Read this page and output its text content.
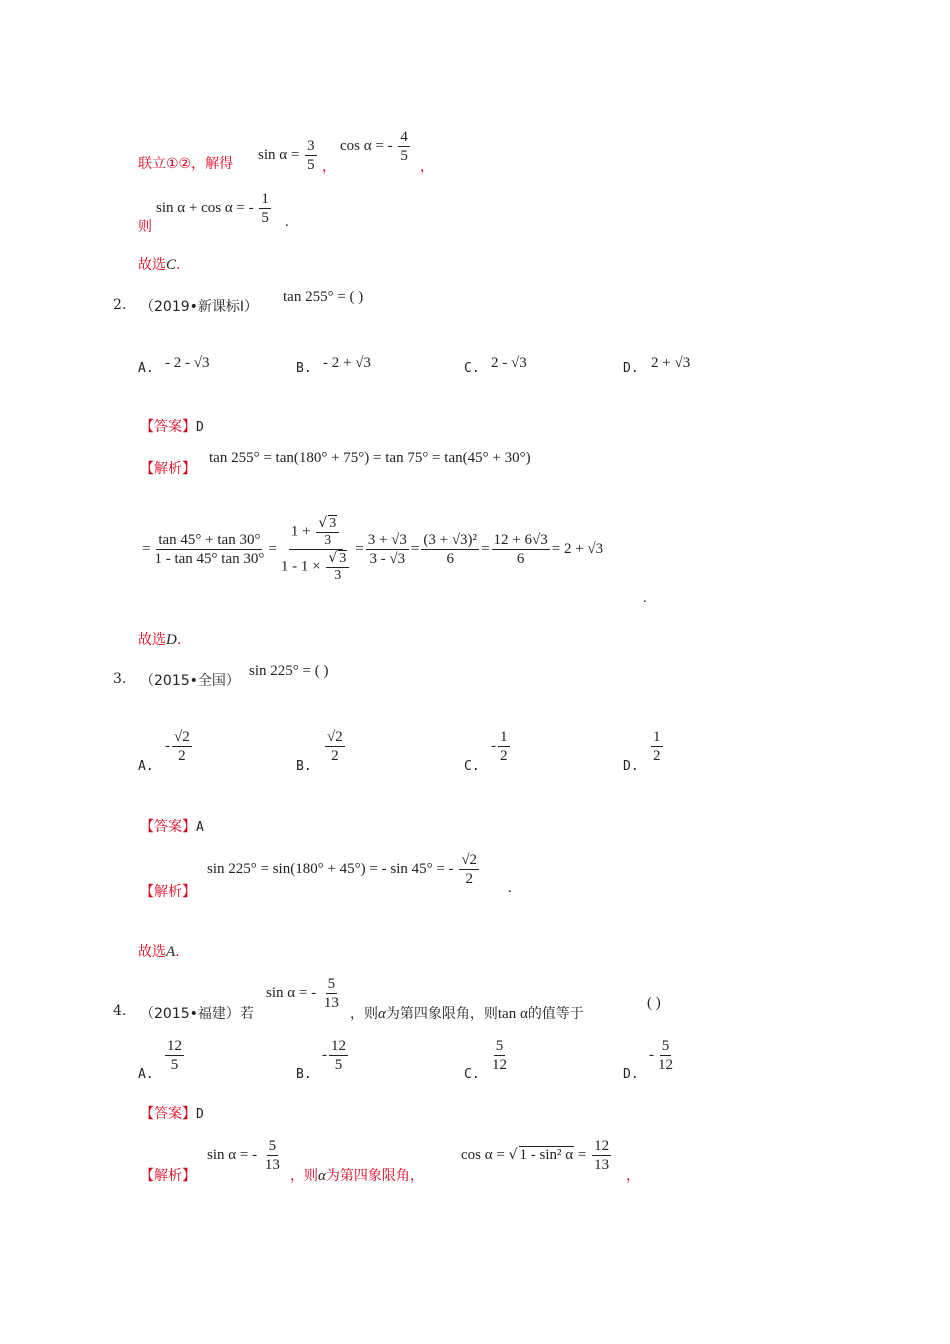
联立①②，解得
$\sin \alpha = \frac{3}{5}$ ，
cos α = - $\frac{4}{5}$
，
则
sin α + cos α = - $\frac{1}{5}$ .
故选C.
2. （2019•新课标Ⅰ）
tan 255° = ( )
A. - 2 - √3	B. - 2 + √3	C. 2 - √3	D. 2 + √3
【答案】D
【解析】
tan 255° = tan(180° + 75°) = tan 75° = tan(45° + 30°)
= $\frac{\tan 45^\circ + \tan 30^\circ}{1 - \tan 45^\circ \tan 30^\circ} = \frac{1 + \frac{√ 3}{3}}{1 - 1 \times \frac{√ 3}{3}} = \frac{3 + √3}{3 - √3} = \frac{\text{(3 + √3)²}}{6} = \frac{12 + 6√3}{6} = 2 + √3$
.
故选D.
3. （2015•全国）
sin 225° = ( )
A.
- $\frac{√2}{2}$
B.
$\frac{√2}{2}$
C.
- $\frac{1}{2}$
D.
$\frac{1}{2}$
【答案】A
【解析】
sin 225° = sin(180° + 45°) = - sin 45° = - $\frac{√2}{2}$ .
故选A.
4. （2015•福建）若
sin α = - $\frac{5}{13}$
，则α为第四象限角，则tan α的值等于
( )
A.
$\frac{12}{5}$
B.
- $\frac{12}{5}$
C.
$\frac{5}{12}$
D.
- $\frac{5}{12}$
【答案】D
【解析】
sin α = - $\frac{5}{13}$
，则α为第四象限角，
cos α = √ 1 - sin² $\alpha = \frac{12}{13}$
，
